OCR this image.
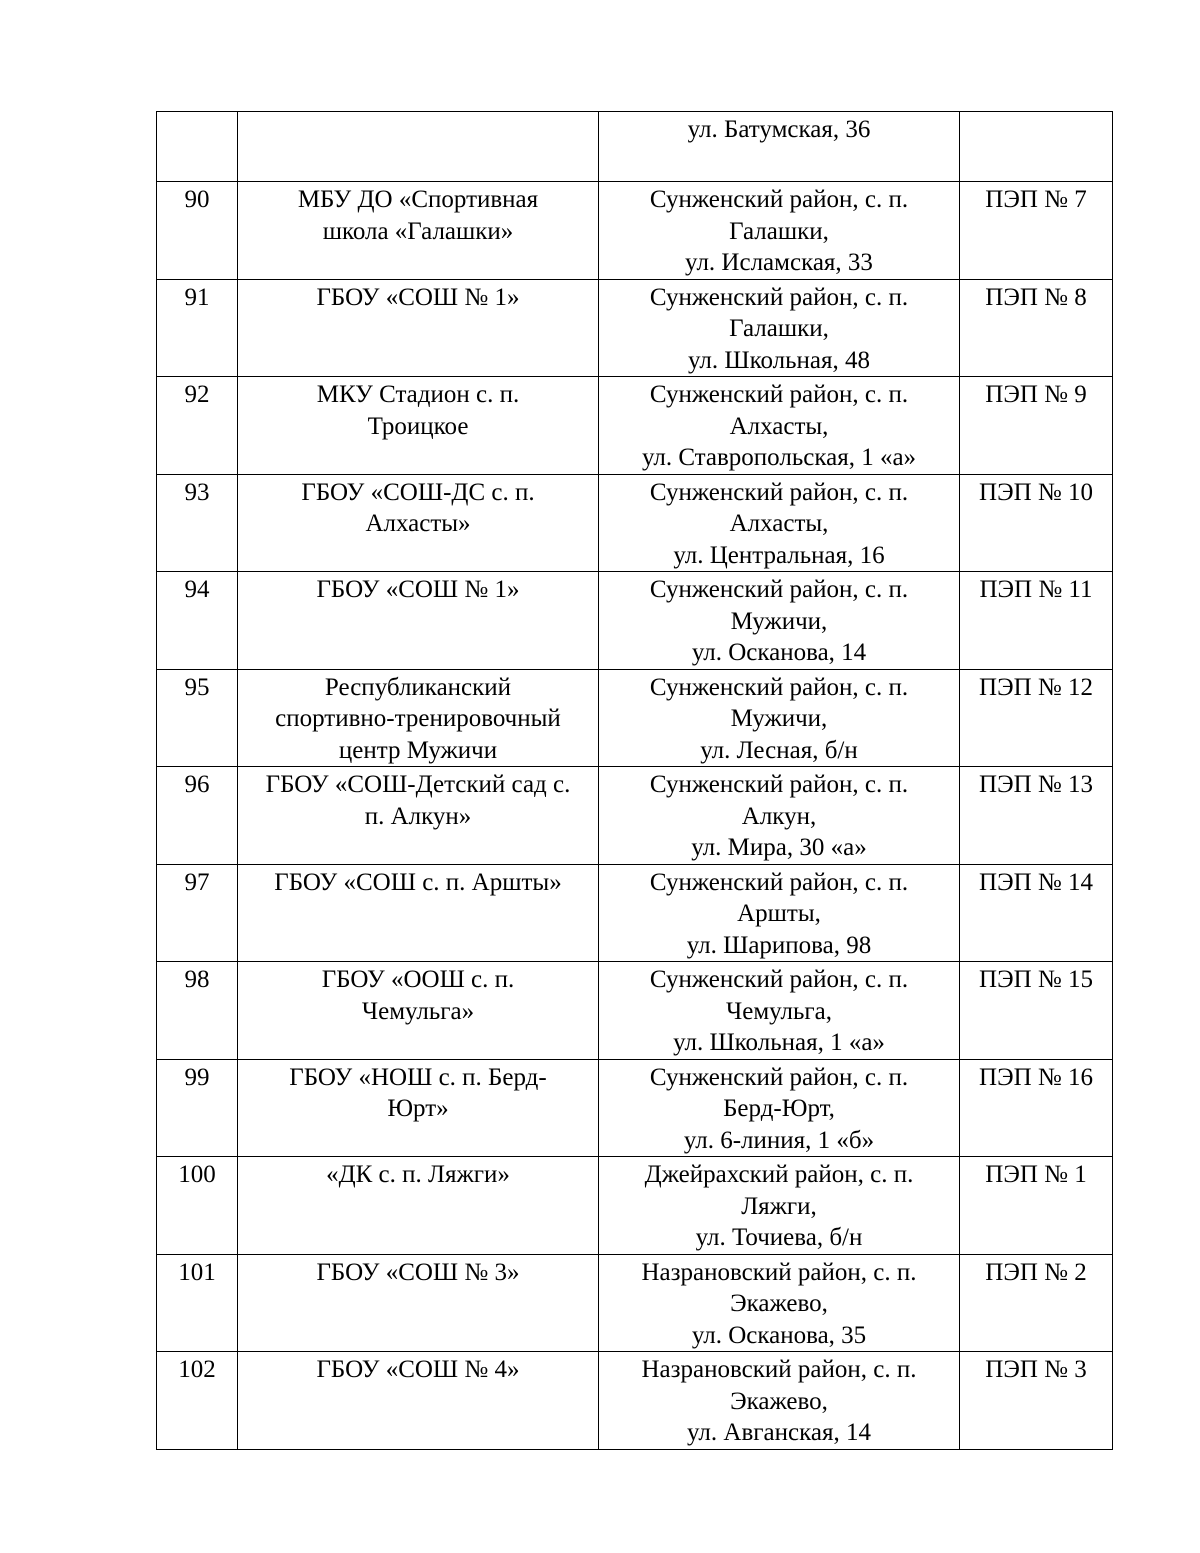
		ул. Батумская, 36	

90	МБУ ДО «Спортивная
школа «Галашки»	Сунженский район, с. п.
Галашки,
ул. Исламская, 33	ПЭП № 7
91	ГБОУ «СОШ № 1»	Сунженский район, с. п.
Галашки,
ул. Школьная, 48	ПЭП № 8
92	МКУ Стадион с. п.
Троицкое	Сунженский район, с. п.
Алхасты,
ул. Ставропольская, 1 «а»	ПЭП № 9
93	ГБОУ «СОШ-ДС с. п.
Алхасты»	Сунженский район, с. п.
Алхасты,
ул. Центральная, 16	ПЭП № 10
94	ГБОУ «СОШ № 1»	Сунженский район, с. п.
Мужичи,
ул. Осканова, 14	ПЭП № 11
95	Республиканский
спортивно-тренировочный
центр Мужичи	Сунженский район, с. п.
Мужичи,
ул. Лесная, б/н	ПЭП № 12
96	ГБОУ «СОШ-Детский сад с.
п. Алкун»	Сунженский район, с. п.
Алкун,
ул. Мира, 30 «а»	ПЭП № 13
97	ГБОУ «СОШ с. п. Аршты»	Сунженский район, с. п.
Аршты,
ул. Шарипова, 98	ПЭП № 14
98	ГБОУ «ООШ с. п.
Чемульга»	Сунженский район, с. п.
Чемульга,
ул. Школьная, 1 «а»	ПЭП № 15
99	ГБОУ «НОШ с. п. Берд-
Юрт»	Сунженский район, с. п.
Берд-Юрт,
ул. 6-линия, 1 «б»	ПЭП № 16
100	«ДК с. п. Ляжги»	Джейрахский район, с. п.
Ляжги,
ул. Точиева, б/н	ПЭП № 1
101	ГБОУ «СОШ № 3»	Назрановский район, с. п.
Экажево,
ул. Осканова, 35	ПЭП № 2
102	ГБОУ «СОШ № 4»	Назрановский район, с. п.
Экажево,
ул. Авганская, 14	ПЭП № 3
